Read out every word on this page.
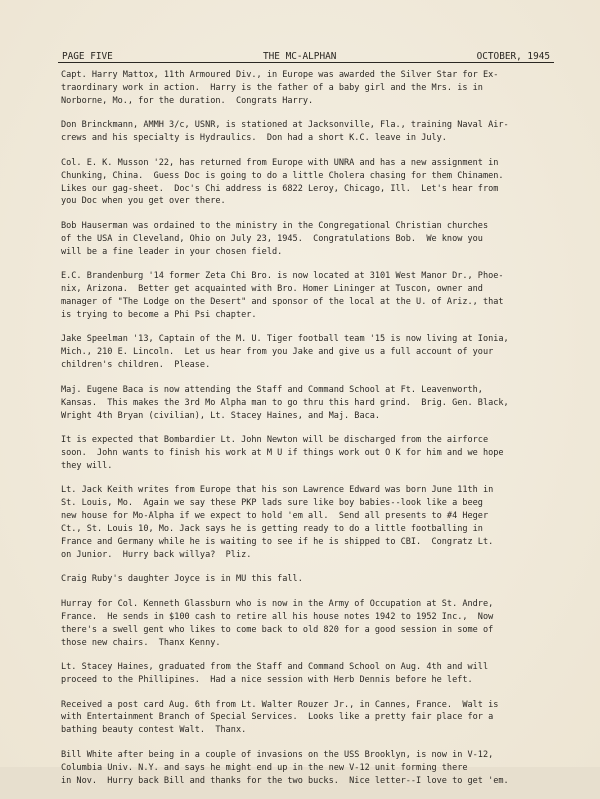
PAGE FIVE	THE MC-ALPHAN	OCTOBER, 1945
Capt. Harry Mattox, 11th Armoured Div., in Europe was awarded the Silver Star for Ex-
traordinary work in action.  Harry is the father of a baby girl and the Mrs. is in
Norborne, Mo., for the duration.  Congrats Harry.
Don Brinckmann, AMMH 3/c, USNR, is stationed at Jacksonville, Fla., training Naval Air-
crews and his specialty is Hydraulics.  Don had a short K.C. leave in July.
Col. E. K. Musson '22, has returned from Europe with UNRA and has a new assignment in
Chunking, China.  Guess Doc is going to do a little Cholera chasing for them Chinamen.
Likes our gag-sheet.  Doc's Chi address is 6822 Leroy, Chicago, Ill.  Let's hear from
you Doc when you get over there.
Bob Hauserman was ordained to the ministry in the Congregational Christian churches
of the USA in Cleveland, Ohio on July 23, 1945.  Congratulations Bob.  We know you
will be a fine leader in your chosen field.
E.C. Brandenburg '14 former Zeta Chi Bro. is now located at 3101 West Manor Dr., Phoe-
nix, Arizona.  Better get acquainted with Bro. Homer Lininger at Tuscon, owner and
manager of "The Lodge on the Desert" and sponsor of the local at the U. of Ariz., that
is trying to become a Phi Psi chapter.
Jake Speelman '13, Captain of the M. U. Tiger football team '15 is now living at Ionia,
Mich., 210 E. Lincoln.  Let us hear from you Jake and give us a full account of your
children's children.  Please.
Maj. Eugene Baca is now attending the Staff and Command School at Ft. Leavenworth,
Kansas.  This makes the 3rd Mo Alpha man to go thru this hard grind.  Brig. Gen. Black,
Wright 4th Bryan (civilian), Lt. Stacey Haines, and Maj. Baca.
It is expected that Bombardier Lt. John Newton will be discharged from the airforce
soon.  John wants to finish his work at M U if things work out O K for him and we hope
they will.
Lt. Jack Keith writes from Europe that his son Lawrence Edward was born June 11th in
St. Louis, Mo.  Again we say these PKP lads sure like boy babies--look like a beeg
new house for Mo-Alpha if we expect to hold 'em all.  Send all presents to #4 Heger
Ct., St. Louis 10, Mo. Jack says he is getting ready to do a little footballing in
France and Germany while he is waiting to see if he is shipped to CBI.  Congratz Lt.
on Junior.  Hurry back willya?  Pliz.
Craig Ruby's daughter Joyce is in MU this fall.
Hurray for Col. Kenneth Glassburn who is now in the Army of Occupation at St. Andre,
France.  He sends in $100 cash to retire all his house notes 1942 to 1952 Inc.,  Now
there's a swell gent who likes to come back to old 820 for a good session in some of
those new chairs.  Thanx Kenny.
Lt. Stacey Haines, graduated from the Staff and Command School on Aug. 4th and will
proceed to the Phillipines.  Had a nice session with Herb Dennis before he left.
Received a post card Aug. 6th from Lt. Walter Rouzer Jr., in Cannes, France.  Walt is
with Entertainment Branch of Special Services.  Looks like a pretty fair place for a
bathing beauty contest Walt.  Thanx.
Bill White after being in a couple of invasions on the USS Brooklyn, is now in V-12,
Columbia Univ. N.Y. and says he might end up in the new V-12 unit forming there
in Nov.  Hurry back Bill and thanks for the two bucks.  Nice letter--I love to get 'em.
